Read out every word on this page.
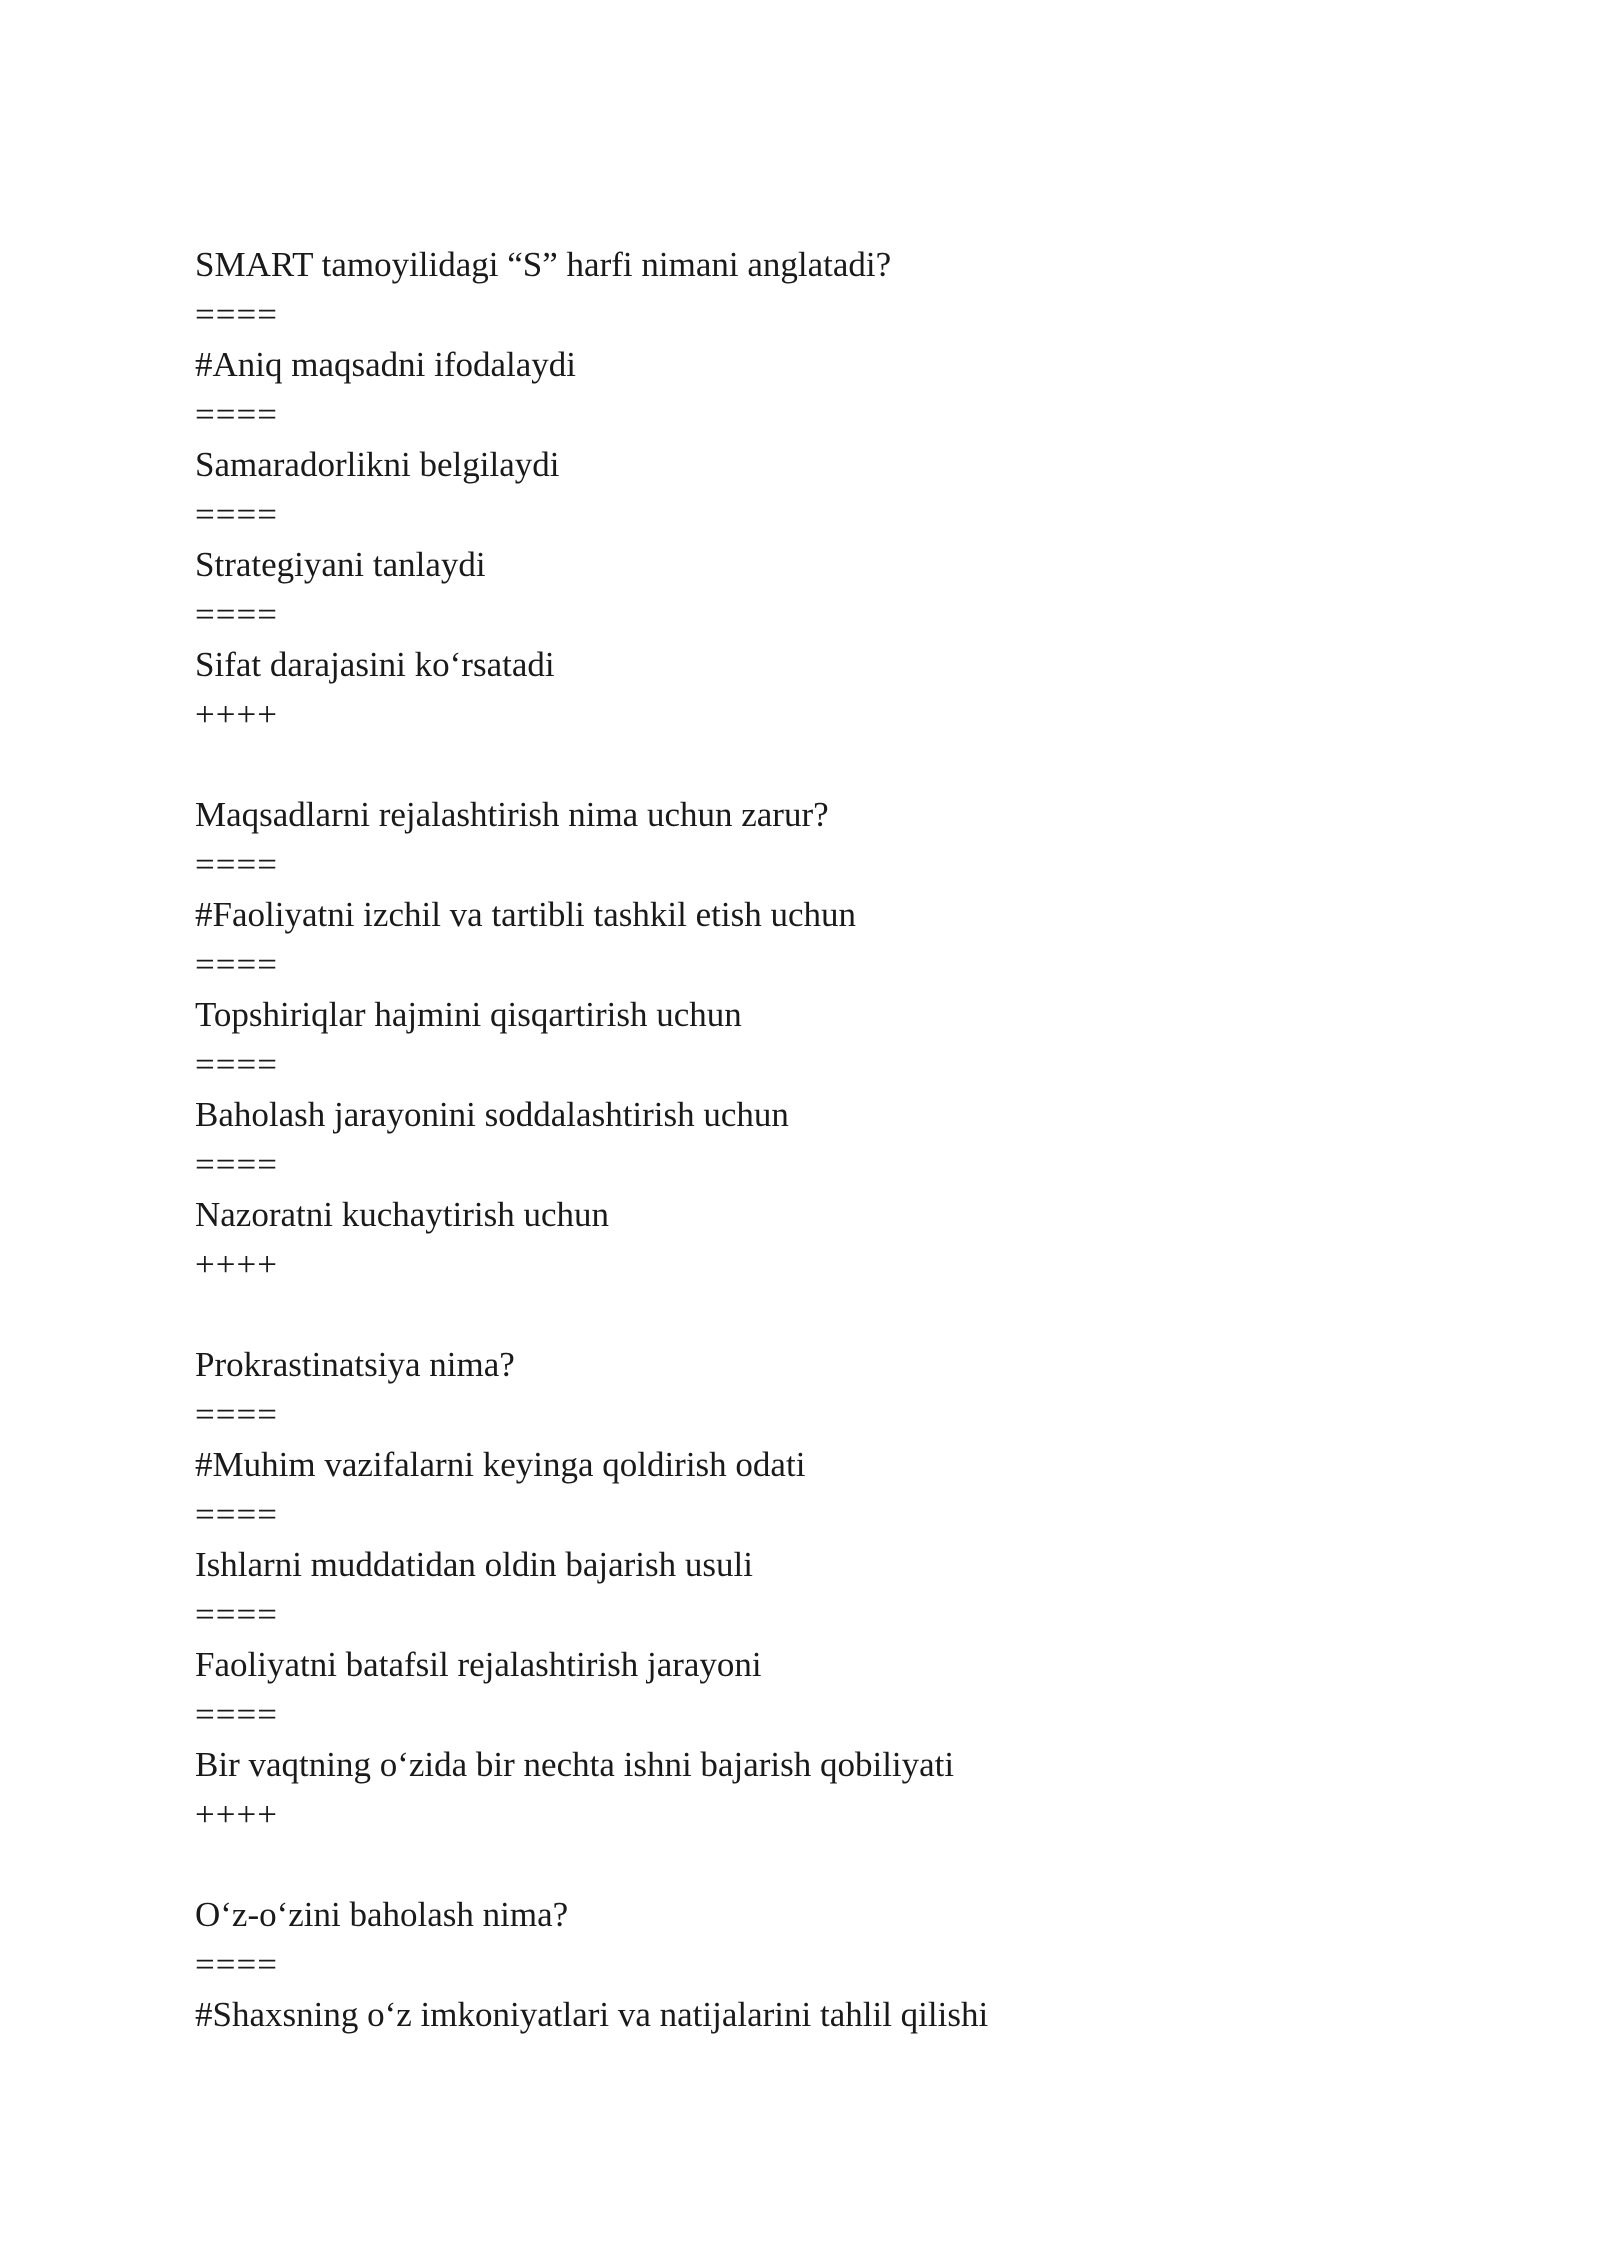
SMART tamoyilidagi “S” harfi nimani anglatadi?
====
#Aniq maqsadni ifodalaydi
====
Samaradorlikni belgilaydi
====
Strategiyani tanlaydi
====
Sifat darajasini koʻrsatadi
++++
Maqsadlarni rejalashtirish nima uchun zarur?
====
#Faoliyatni izchil va tartibli tashkil etish uchun
====
Topshiriqlar hajmini qisqartirish uchun
====
Baholash jarayonini soddalashtirish uchun
====
Nazoratni kuchaytirish uchun
++++
Prokrastinatsiya nima?
====
#Muhim vazifalarni keyinga qoldirish odati
====
Ishlarni muddatidan oldin bajarish usuli
====
Faoliyatni batafsil rejalashtirish jarayoni
====
Bir vaqtning oʻzida bir nechta ishni bajarish qobiliyati
++++
Oʻz-oʻzini baholash nima?
====
#Shaxsning oʻz imkoniyatlari va natijalarini tahlil qilishi
